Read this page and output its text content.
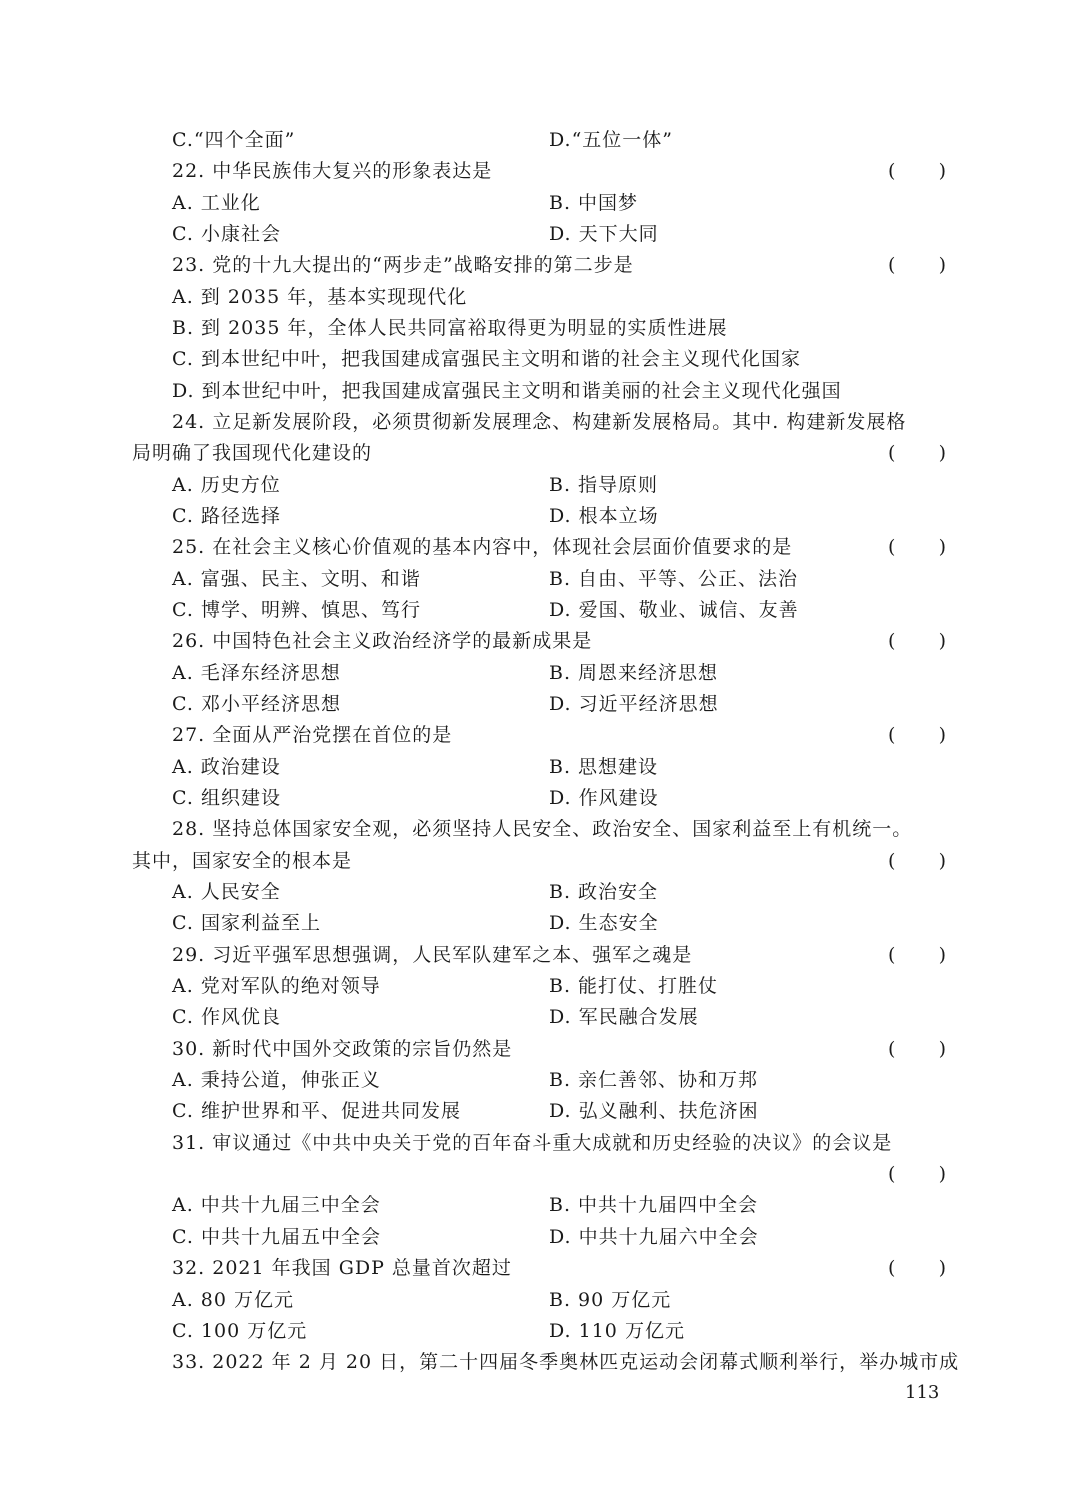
C.“四个全面”	D.“五位一体”
22. 中华民族伟大复兴的形象表达是	(      )
A. 工业化	B. 中国梦
C. 小康社会	D. 天下大同
23. 党的十九大提出的“两步走”战略安排的第二步是	(      )
A. 到 2035 年，基本实现现代化
B. 到 2035 年，全体人民共同富裕取得更为明显的实质性进展
C. 到本世纪中叶，把我国建成富强民主文明和谐的社会主义现代化国家
D. 到本世纪中叶，把我国建成富强民主文明和谐美丽的社会主义现代化强国
24. 立足新发展阶段，必须贯彻新发展理念、构建新发展格局。其中. 构建新发展格
局明确了我国现代化建设的	(      )
A. 历史方位	B. 指导原则
C. 路径选择	D. 根本立场
25. 在社会主义核心价值观的基本内容中，体现社会层面价值要求的是	(      )
A. 富强、民主、文明、和谐	B. 自由、平等、公正、法治
C. 博学、明辨、慎思、笃行	D. 爱国、敬业、诚信、友善
26. 中国特色社会主义政治经济学的最新成果是	(      )
A. 毛泽东经济思想	B. 周恩来经济思想
C. 邓小平经济思想	D. 习近平经济思想
27. 全面从严治党摆在首位的是	(      )
A. 政治建设	B. 思想建设
C. 组织建设	D. 作风建设
28. 坚持总体国家安全观，必须坚持人民安全、政治安全、国家利益至上有机统一。
其中，国家安全的根本是	(      )
A. 人民安全	B. 政治安全
C. 国家利益至上	D. 生态安全
29. 习近平强军思想强调，人民军队建军之本、强军之魂是	(      )
A. 党对军队的绝对领导	B. 能打仗、打胜仗
C. 作风优良	D. 军民融合发展
30. 新时代中国外交政策的宗旨仍然是	(      )
A. 秉持公道，伸张正义	B. 亲仁善邻、协和万邦
C. 维护世界和平、促进共同发展	D. 弘义融利、扶危济困
31. 审议通过《中共中央关于党的百年奋斗重大成就和历史经验的决议》的会议是
(      )
A. 中共十九届三中全会	B. 中共十九届四中全会
C. 中共十九届五中全会	D. 中共十九届六中全会
32. 2021 年我国 GDP 总量首次超过	(      )
A. 80 万亿元	B. 90 万亿元
C. 100 万亿元	D. 110 万亿元
33. 2022 年 2 月 20 日，第二十四届冬季奥林匹克运动会闭幕式顺利举行，举办城市成
113
